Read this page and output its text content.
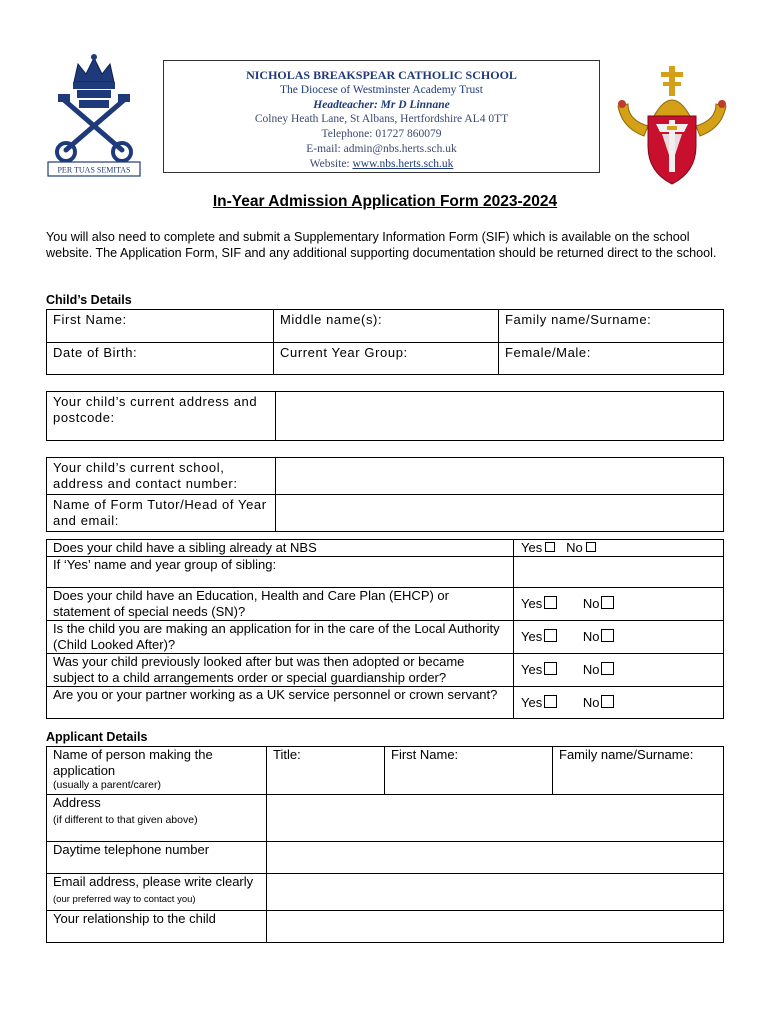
PER TUAS SEMITAS
NICHOLAS BREAKSPEAR CATHOLIC SCHOOL
The Diocese of Westminster Academy Trust
Headteacher: Mr D Linnane
Colney Heath Lane, St Albans, Hertfordshire AL4 0TT
Telephone: 01727 860079
E-mail: admin@nbs.herts.sch.uk
Website: www.nbs.herts.sch.uk
In-Year Admission Application Form 2023-2024
You will also need to complete and submit a Supplementary Information Form (SIF) which is available on the school website. The Application Form, SIF and any additional supporting documentation should be returned direct to the school.
Child’s Details
First Name:	Middle name(s):	Family name/Surname:
Date of Birth:	Current Year Group:	Female/Male:
Your child’s current address and postcode:	
Your child’s current school, address and contact number:	
Name of Form Tutor/Head of Year and email:	
Does your child have a sibling already at NBS	Yes No
If ‘Yes’ name and year group of sibling:	
Does your child have an Education, Health and Care Plan (EHCP) or statement of special needs (SN)?	Yes No
Is the child you are making an application for in the care of the Local Authority (Child Looked After)?	Yes No
Was your child previously looked after but was then adopted or became subject to a child arrangements order or special guardianship order?	Yes No
Are you or your partner working as a UK service personnel or crown servant?	Yes No
Applicant Details
Name of person making the application
(usually a parent/carer)	Title:	First Name:	Family name/Surname:

Address
(if different to that given above)			

Daytime telephone number			
Email address, please write clearly (our preferred way to contact you)			
Your relationship to the child			
